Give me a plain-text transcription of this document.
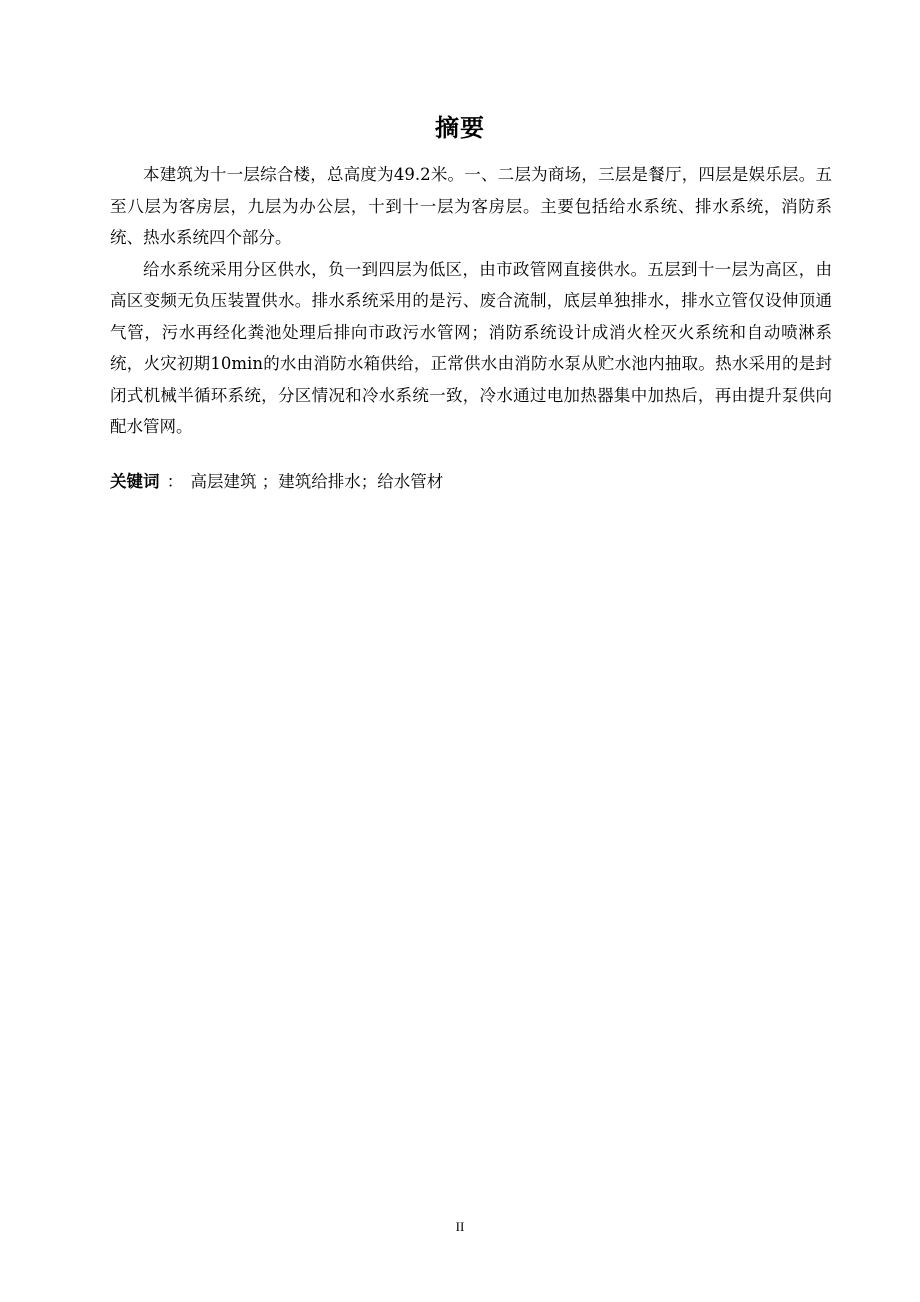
摘要

本建筑为十一层综合楼，总高度为49.2米。一、二层为商场，三层是餐厅，四层是娱乐层。五至八层为客房层，九层为办公层，十到十一层为客房层。主要包括给水系统、排水系统，消防系统、热水系统四个部分。

给水系统采用分区供水，负一到四层为低区，由市政管网直接供水。五层到十一层为高区，由高区变频无负压装置供水。排水系统采用的是污、废合流制，底层单独排水，排水立管仅设伸顶通气管，污水再经化粪池处理后排向市政污水管网；消防系统设计成消火栓灭火系统和自动喷淋系统，火灾初期10min的水由消防水箱供给，正常供水由消防水泵从贮水池内抽取。热水采用的是封闭式机械半循环系统，分区情况和冷水系统一致，冷水通过电加热器集中加热后，再由提升泵供向配水管网。

关键词 ： 高层建筑 ；建筑给排水；给水管材
II
